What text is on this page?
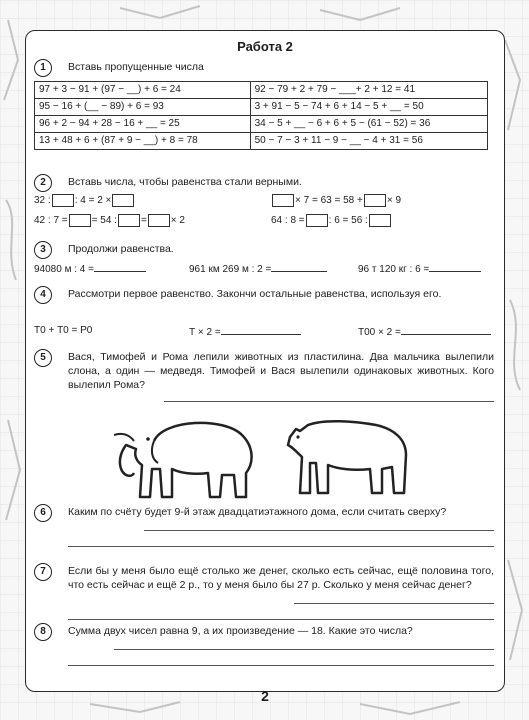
Работа 2
1	Вставь пропущенные числа
97 + 3 − 91 + (97 − __) + 6 = 24	92 − 79 + 2 + 79 − ___+ 2 + 12 = 41
95 − 16 + (__ − 89) + 6 = 93	3 + 91 − 5 − 74 + 6 + 14 − 5 + __ = 50
96 + 2 − 94 + 28 − 16 + __ = 25	34 − 5 + __ − 6 + 6 + 5 − (61 − 52) = 36
13 + 48 + 6 + (87 + 9 − __) + 8 = 78	50 − 7 − 3 + 11 − 9 − __ − 4 + 31 = 56
2	Вставь числа, чтобы равенства стали верными.
32 : : 4 = 2 ×	× 7 = 63 = 58 + × 9
42 : 7 = = 54 : = × 2	64 : 8 = : 6 = 56 :
3	Продолжи равенства.
94080 м : 4 =	961 км 269 м : 2 =	96 т 120 кг : 6 =
4	Рассмотри первое равенство. Закончи остальные равенства, используя его.
Т0 + Т0 = Р0	Т × 2 =	Т00 × 2 =
5	Вася, Тимофей и Рома лепили животных из пластилина. Два мальчика вылепили слона, а один — медведя. Тимофей и Вася вылепили одинаковых животных. Кого вылепил Рома?
6	Каким по счёту будет 9-й этаж двадцатиэтажного дома, если считать сверху?
7	Если бы у меня было ещё столько же денег, сколько есть сейчас, ещё половина того, что есть сейчас и ещё 2 р., то у меня было бы 27 р. Сколько у меня сейчас денег?
8	Сумма двух чисел равна 9, а их произведение — 18. Какие это числа?
2
